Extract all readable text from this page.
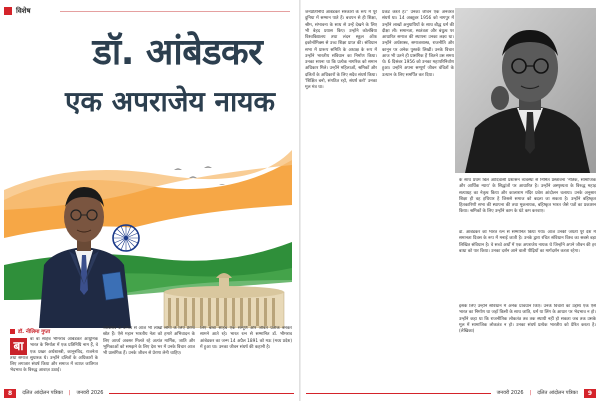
विशेष
डॉ. आंबेडकर
एक अपराजेय नायक
डॉ. नीलिमा गुप्ता
बा	बा बा साहेब भीमराव आंबेडकर आधुनिक भारत के निर्माता में एक प्रतिनिधि नाम हैं, वे एक प्रखर अर्थशास्त्री, कानूनविद, राजनेता तथा समाज सुधारक थे। उन्होंने दलितों के अधिकारों के लिए लगातार संघर्ष किया और समाज में व्याप्त जातिगत भेदभाव के विरुद्ध आवाज़ उठाई।
व्यक्तित्व के प्रभाव से आज भी लाखों लोगों के लिए प्रेरणा स्रोत हैं। ऐसे महान भारतीय नेता को हमारे अभिवादन के लिए आर्थ्य अवसर मिलते रहे अत्यंत मार्मिक, जाति और भूमिकाओं को समझने के लिए देश भर में उनके विचार आज भी प्रासंगिक हैं। उनके जीवन से प्रेरणा लेनी चाहिए।
लिए बाबा साहेब एक सम्पूर्ण और जीवंत प्रतीक बनकर सामने आते रहे। भारत रत्न से सम्मानित डॉ. भीमराव आंबेडकर का जन्म 14 अप्रैल 1891 को मऊ (मध्य प्रदेश) में हुआ था। उनका जीवन संघर्ष की कहानी है।
8	दलित आंदोलन पत्रिका | जनवरी 2026
जनप्रतिनिधि आंबेडकर सरकारों के रूप में पूरे दुनिया में सम्मान पाते हैं। बचपन से ही शिक्षा, श्रीम, संभावना के साथ से उन्हें देखने के लिए भी बेहद प्रयास किए। उन्होंने कोलंबिया विश्वविद्यालय तथा लंदन स्कूल ऑफ इकोनॉमिक्स से उच्च शिक्षा प्राप्त की। संविधान सभा में प्रारूप समिति के अध्यक्ष के रूप में उन्होंने भारतीय संविधान का निर्माण किया। उनका सपना था कि प्रत्येक नागरिक को समान अधिकार मिले। उन्होंने महिलाओं, श्रमिकों और दलितों के अधिकारों के लिए सदैव संघर्ष किया। 'शिक्षित बनो, संगठित रहो, संघर्ष करो' उनका मूल मंत्र था।
प्रकट करते हैं।" उनका जीवन एक अनवरत संघर्ष था। 14 अक्टूबर 1956 को नागपुर में उन्होंने लाखों अनुयायियों के साथ बौद्ध धर्म की दीक्षा ली। समानता, स्वतंत्रता और बंधुत्व पर आधारित समाज की स्थापना उनका लक्ष्य था। उन्होंने अर्थशास्त्र, समाजशास्त्र, राजनीति और कानून पर अनेक पुस्तकें लिखीं। उनके विचार आज भी उतने ही प्रासंगिक हैं जितने उस समय थे। 6 दिसंबर 1956 को उनका महापरिनिर्वाण हुआ। उन्होंने अपना सम्पूर्ण जीवन वंचितों के उत्थान के लिए समर्पित कर दिया।
के साथ प्रथम बिल आदिवासी प्रशासन व्यवस्था से निर्मित प्रस्तावना 'नैतिक, सामाजिक और आर्थिक न्याय' के सिद्धांतों पर आधारित है। उन्होंने अस्पृश्यता के विरुद्ध महाड़ सत्याग्रह का नेतृत्व किया और कालाराम मंदिर प्रवेश आंदोलन चलाया। उनके अनुसार शिक्षा ही वह हथियार है जिससे समाज को बदला जा सकता है। उन्होंने बहिष्कृत हितकारिणी सभा की स्थापना की तथा मूकनायक, बहिष्कृत भारत जैसे पत्रों का प्रकाशन किया। श्रमिकों के लिए उन्होंने काम के घंटे कम करवाए।
डॉ. आंबेडकर को भारत रत्न से सम्मानित किया गया। आज उनकी जयंती पूरे देश में समानता दिवस के रूप में मनाई जाती है। उनके द्वारा रचित संविधान विश्व का सबसे बड़ा लिखित संविधान है। वे सच्चे अर्थों में एक अपराजेय नायक थे जिन्होंने अपने जीवन की हर बाधा को पार किया। उनका दर्शन आने वाली पीढ़ियों का मार्गदर्शन करता रहेगा।
इसके लिए उन्होंने संविधान में अनेक प्रावधान किए। उनके विचारों का उद्देश्य एक ऐसे भारत का निर्माण था जहाँ किसी के साथ जाति, धर्म या लिंग के आधार पर भेदभाव न हो। उन्होंने कहा था कि राजनीतिक लोकतंत्र तब तक स्थायी नहीं हो सकता जब तक उसके मूल में सामाजिक लोकतंत्र न हो। उनका संघर्ष प्रत्येक भारतीय को प्रेरित करता है। (लेखिका)
जनवरी 2026 | दलित आंदोलन पत्रिका	9
